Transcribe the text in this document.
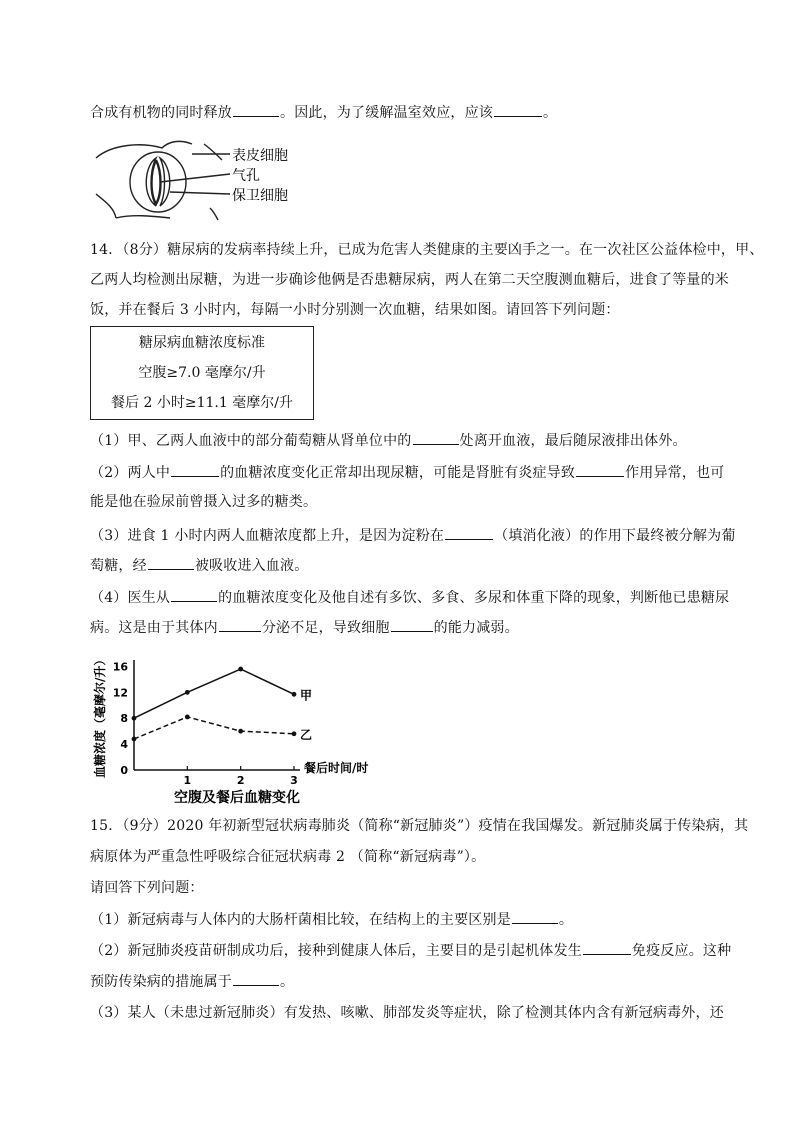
合成有机物的同时释放	。因此，为了缓解温室效应，应该	。
表皮细胞
气孔
保卫细胞
14．（8分）糖尿病的发病率持续上升，已成为危害人类健康的主要凶手之一。在一次社区公益体检中，甲、
乙两人均检测出尿糖，为进一步确诊他俩是否患糖尿病，两人在第二天空腹测血糖后，进食了等量的米
饭，并在餐后 3 小时内，每隔一小时分别测一次血糖，结果如图。请回答下列问题：
糖尿病血糖浓度标准
空腹≥7.0 毫摩尔/升
餐后 2 小时≥11.1 毫摩尔/升
（1）甲、乙两人血液中的部分葡萄糖从肾单位中的	处离开血液，最后随尿液排出体外。
（2）两人中	的血糖浓度变化正常却出现尿糖，可能是肾脏有炎症导致	作用异常，也可
能是他在验尿前曾摄入过多的糖类。
（3）进食 1 小时内两人血糖浓度都上升，是因为淀粉在	（填消化液）的作用下最终被分解为葡
萄糖，经	被吸收进入血液。
（4）医生从	的血糖浓度变化及他自述有多饮、多食、多尿和体重下降的现象，判断他已患糖尿
病。这是由于其体内	分泌不足，导致细胞	的能力减弱。
血糖浓度（毫摩尔/升） 0
4
8
12
16
1	2	3
甲
乙
餐后时间/时
空腹及餐后血糖变化
15．（9分）2020 年初新型冠状病毒肺炎（简称“新冠肺炎”）疫情在我国爆发。新冠肺炎属于传染病，其
病原体为严重急性呼吸综合征冠状病毒 2 （简称“新冠病毒”）。
请回答下列问题：
（1）新冠病毒与人体内的大肠杆菌相比较，在结构上的主要区别是	。
（2）新冠肺炎疫苗研制成功后，接种到健康人体后，主要目的是引起机体发生	免疫反应。这种
预防传染病的措施属于	。
（3）某人（未患过新冠肺炎）有发热、咳嗽、肺部发炎等症状，除了检测其体内含有新冠病毒外，还
